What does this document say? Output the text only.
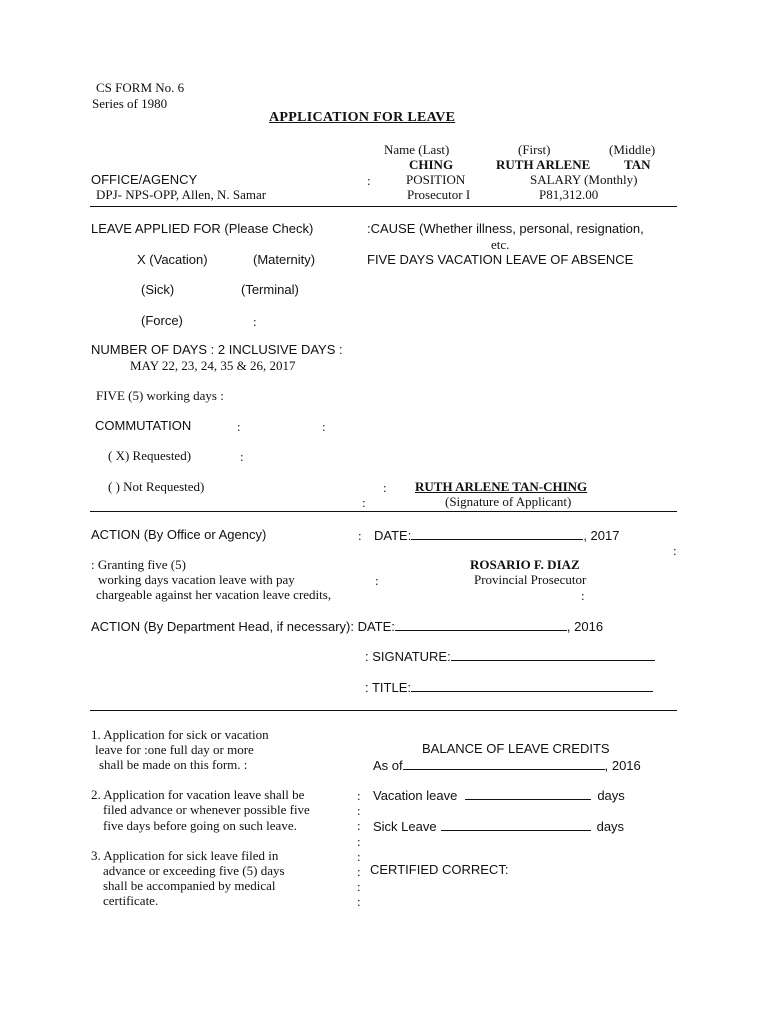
CS FORM No. 6
Series of 1980
APPLICATION FOR LEAVE
Name (Last)	(First)	(Middle)
CHING	RUTH ARLENE	TAN
OFFICE/AGENCY	:	POSITION	SALARY (Monthly)
DPJ- NPS-OPP, Allen, N. Samar	Prosecutor I	P81,312.00
LEAVE APPLIED FOR (Please Check)	:CAUSE (Whether illness, personal, resignation,
etc.
X (Vacation)	(Maternity)	FIVE DAYS VACATION LEAVE OF ABSENCE
(Sick)	(Terminal)
(Force)	:
NUMBER OF DAYS : 2 INCLUSIVE DAYS :
MAY 22, 23, 24, 35 & 26, 2017
FIVE (5) working days :
COMMUTATION	:	:
( X) Requested)	:
( ) Not Requested)	: RUTH ARLENE TAN-CHING
:	(Signature of Applicant)
ACTION (By Office or Agency)	: DATE:	, 2017
:
: Granting five (5)	ROSARIO F. DIAZ
working days vacation leave with pay	:	Provincial Prosecutor
chargeable against her vacation leave credits,	:
ACTION (By Department Head, if necessary): DATE:	, 2016
: SIGNATURE:
: TITLE:
1. Application for sick or vacation
leave for :one full day or more
shall be made on this form. :
2. Application for vacation leave shall be
filed advance or whenever possible five
five days before going on such leave.
3. Application for sick leave filed in
advance or exceeding five (5) days
shall be accompanied by medical
certificate.
:
:
:
:
:
:
:
:
BALANCE OF LEAVE CREDITS
As of	, 2016
Vacation leave	days
Sick Leave	days
CERTIFIED CORRECT:
